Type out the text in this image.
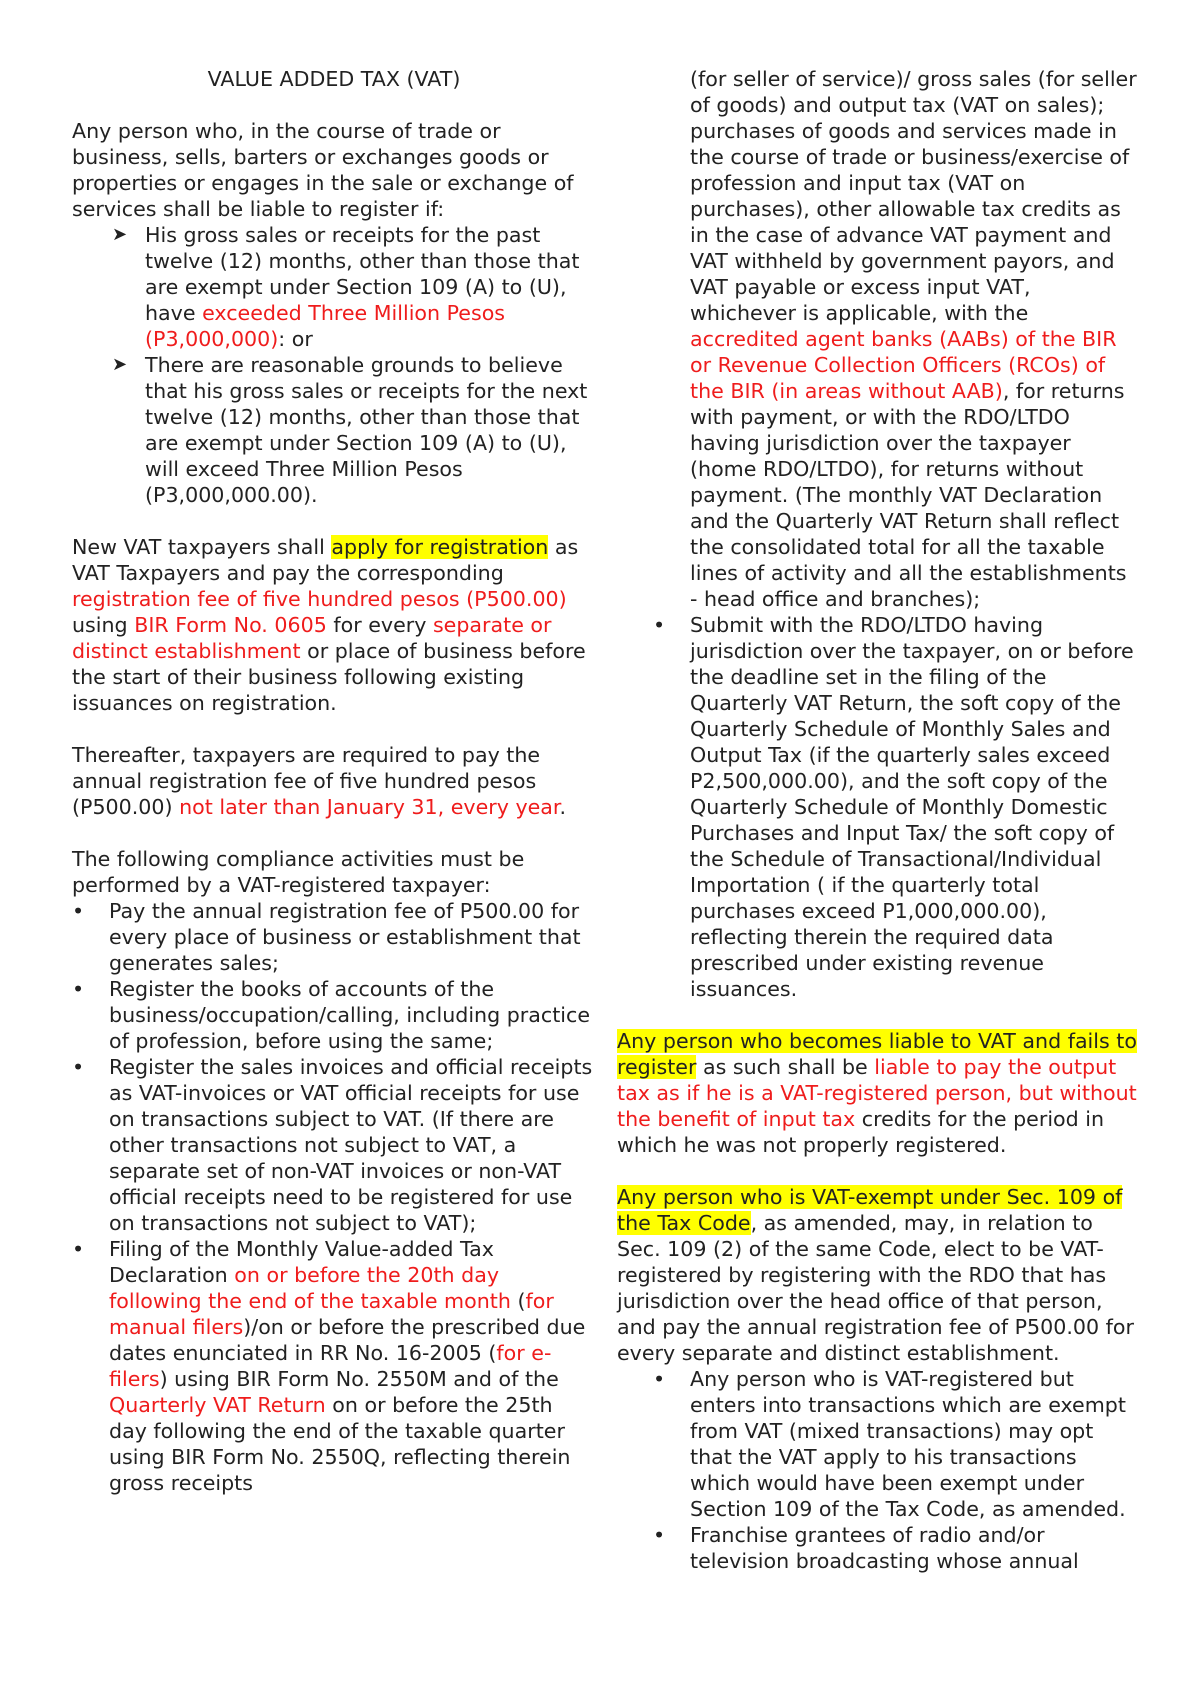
VALUE ADDED TAX (VAT)

Any person who, in the course of trade or business, sells, barters or exchanges goods or properties or engages in the sale or exchange of services shall be liable to register if:

➤ His gross sales or receipts for the past twelve (12) months, other than those that are exempt under Section 109 (A) to (U), have exceeded Three Million Pesos (P3,000,000): or
➤ There are reasonable grounds to believe that his gross sales or receipts for the next twelve (12) months, other than those that are exempt under Section 109 (A) to (U), will exceed Three Million Pesos (P3,000,000.00).

New VAT taxpayers shall apply for registration as VAT Taxpayers and pay the corresponding registration fee of five hundred pesos (P500.00) using BIR Form No. 0605 for every separate or distinct establishment or place of business before the start of their business following existing issuances on registration.

Thereafter, taxpayers are required to pay the annual registration fee of five hundred pesos (P500.00) not later than January 31, every year.

The following compliance activities must be performed by a VAT-registered taxpayer:

• Pay the annual registration fee of P500.00 for every place of business or establishment that generates sales;
• Register the books of accounts of the business/occupation/calling, including practice of profession, before using the same;
• Register the sales invoices and official receipts as VAT-invoices or VAT official receipts for use on transactions subject to VAT. (If there are other transactions not subject to VAT, a separate set of non-VAT invoices or non-VAT official receipts need to be registered for use on transactions not subject to VAT);
• Filing of the Monthly Value-added Tax Declaration on or before the 20th day following the end of the taxable month (for manual filers)/on or before the prescribed due dates enunciated in RR No. 16-2005 (for e-filers) using BIR Form No. 2550M and of the Quarterly VAT Return on or before the 25th day following the end of the taxable quarter using BIR Form No. 2550Q, reflecting therein gross receipts
(for seller of service)/ gross sales (for seller of goods) and output tax (VAT on sales); purchases of goods and services made in the course of trade or business/exercise of profession and input tax (VAT on purchases), other allowable tax credits as in the case of advance VAT payment and VAT withheld by government payors, and VAT payable or excess input VAT, whichever is applicable, with the accredited agent banks (AABs) of the BIR or Revenue Collection Officers (RCOs) of the BIR (in areas without AAB), for returns with payment, or with the RDO/LTDO having jurisdiction over the taxpayer (home RDO/LTDO), for returns without payment. (The monthly VAT Declaration and the Quarterly VAT Return shall reflect the consolidated total for all the taxable lines of activity and all the establishments - head office and branches);
• Submit with the RDO/LTDO having jurisdiction over the taxpayer, on or before the deadline set in the filing of the Quarterly VAT Return, the soft copy of the Quarterly Schedule of Monthly Sales and Output Tax (if the quarterly sales exceed P2,500,000.00), and the soft copy of the Quarterly Schedule of Monthly Domestic Purchases and Input Tax/ the soft copy of the Schedule of Transactional/Individual Importation ( if the quarterly total purchases exceed P1,000,000.00), reflecting therein the required data prescribed under existing revenue issuances.

Any person who becomes liable to VAT and fails to register as such shall be liable to pay the output tax as if he is a VAT-registered person, but without the benefit of input tax credits for the period in which he was not properly registered.

Any person who is VAT-exempt under Sec. 109 of the Tax Code, as amended, may, in relation to Sec. 109 (2) of the same Code, elect to be VAT-registered by registering with the RDO that has jurisdiction over the head office of that person, and pay the annual registration fee of P500.00 for every separate and distinct establishment.

• Any person who is VAT-registered but enters into transactions which are exempt from VAT (mixed transactions) may opt that the VAT apply to his transactions which would have been exempt under Section 109 of the Tax Code, as amended.
• Franchise grantees of radio and/or television broadcasting whose annual
